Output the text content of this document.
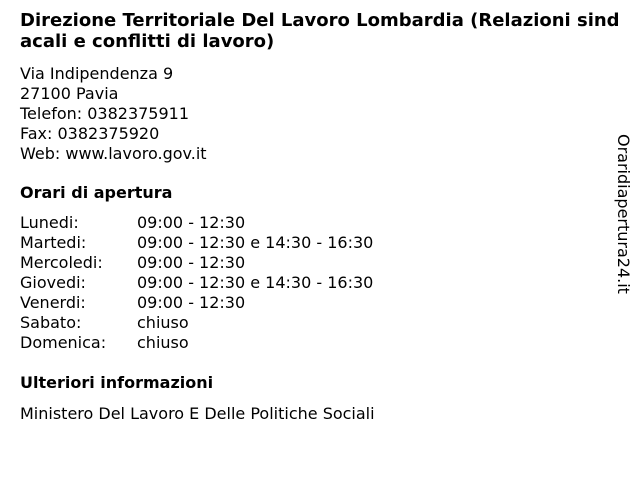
Direzione Territoriale Del Lavoro Lombardia (Relazioni sindacali e conflitti di lavoro)
Via Indipendenza 9
27100 Pavia
Telefon: 0382375911
Fax: 0382375920
Web: www.lavoro.gov.it
Orari di apertura
Lunedi:	09:00 - 12:30
Martedi:	09:00 - 12:30 e 14:30 - 16:30
Mercoledi:	09:00 - 12:30
Giovedi:	09:00 - 12:30 e 14:30 - 16:30
Venerdi:	09:00 - 12:30
Sabato:	chiuso
Domenica:	chiuso
Ulteriori informazioni
Ministero Del Lavoro E Delle Politiche Sociali
Oraridiapertura24.it
